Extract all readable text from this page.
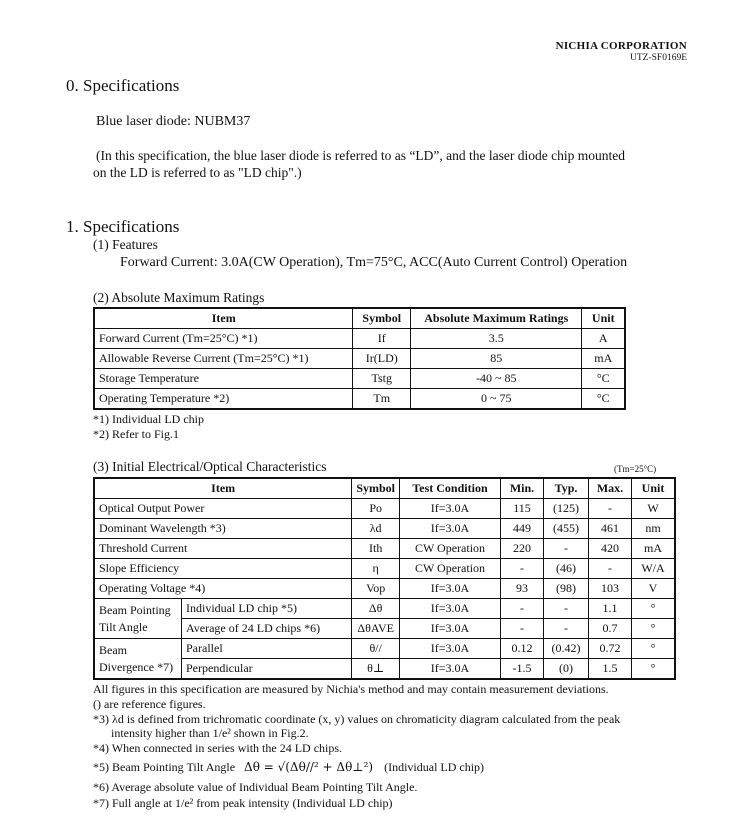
NICHIA CORPORATION
UTZ-SF0169E
0. Specifications
Blue laser diode: NUBM37
(In this specification, the blue laser diode is referred to as “LD”, and the laser diode chip mounted
on the LD is referred to as "LD chip".)
1. Specifications
(1) Features
Forward Current: 3.0A(CW Operation), Tm=75°C, ACC(Auto Current Control) Operation
(2) Absolute Maximum Ratings
Item	Symbol	Absolute Maximum Ratings	Unit
Forward Current (Tm=25°C) *1)	If	3.5	A
Allowable Reverse Current (Tm=25°C) *1)	Ir(LD)	85	mA
Storage Temperature	Tstg	-40 ~ 85	°C
Operating Temperature *2)	Tm	0 ~ 75	°C
*1) Individual LD chip
*2) Refer to Fig.1
(3) Initial Electrical/Optical Characteristics	(Tm=25°C)
Item		Symbol	Test Condition	Min.	Typ.	Max.	Unit
Optical Output Power		Po	If=3.0A	115	(125)	-	W
Dominant Wavelength *3)		λd	If=3.0A	449	(455)	461	nm
Threshold Current		Ith	CW Operation	220	-	420	mA
Slope Efficiency		η	CW Operation	-	(46)	-	W/A
Operating Voltage *4)		Vop	If=3.0A	93	(98)	103	V
Beam Pointing Tilt Angle	Individual LD chip *5)	Δθ	If=3.0A	-	-	1.1	°
	Average of 24 LD chips *6)	ΔθAVE	If=3.0A	-	-	0.7	°
Beam Divergence *7)	Parallel	θ//	If=3.0A	0.12	(0.42)	0.72	°
	Perpendicular	θ⊥	If=3.0A	-1.5	(0)	1.5	°
All figures in this specification are measured by Nichia's method and may contain measurement deviations.
() are reference figures.
*3) λd is defined from trichromatic coordinate (x, y) values on chromaticity diagram calculated from the peak
intensity higher than 1/e² shown in Fig.2.
*4) When connected in series with the 24 LD chips.
*5) Beam Pointing Tilt Angle Δθ = √(Δθ//² + Δθ⊥²) (Individual LD chip)
*6) Average absolute value of Individual Beam Pointing Tilt Angle.
*7) Full angle at 1/e² from peak intensity (Individual LD chip)
